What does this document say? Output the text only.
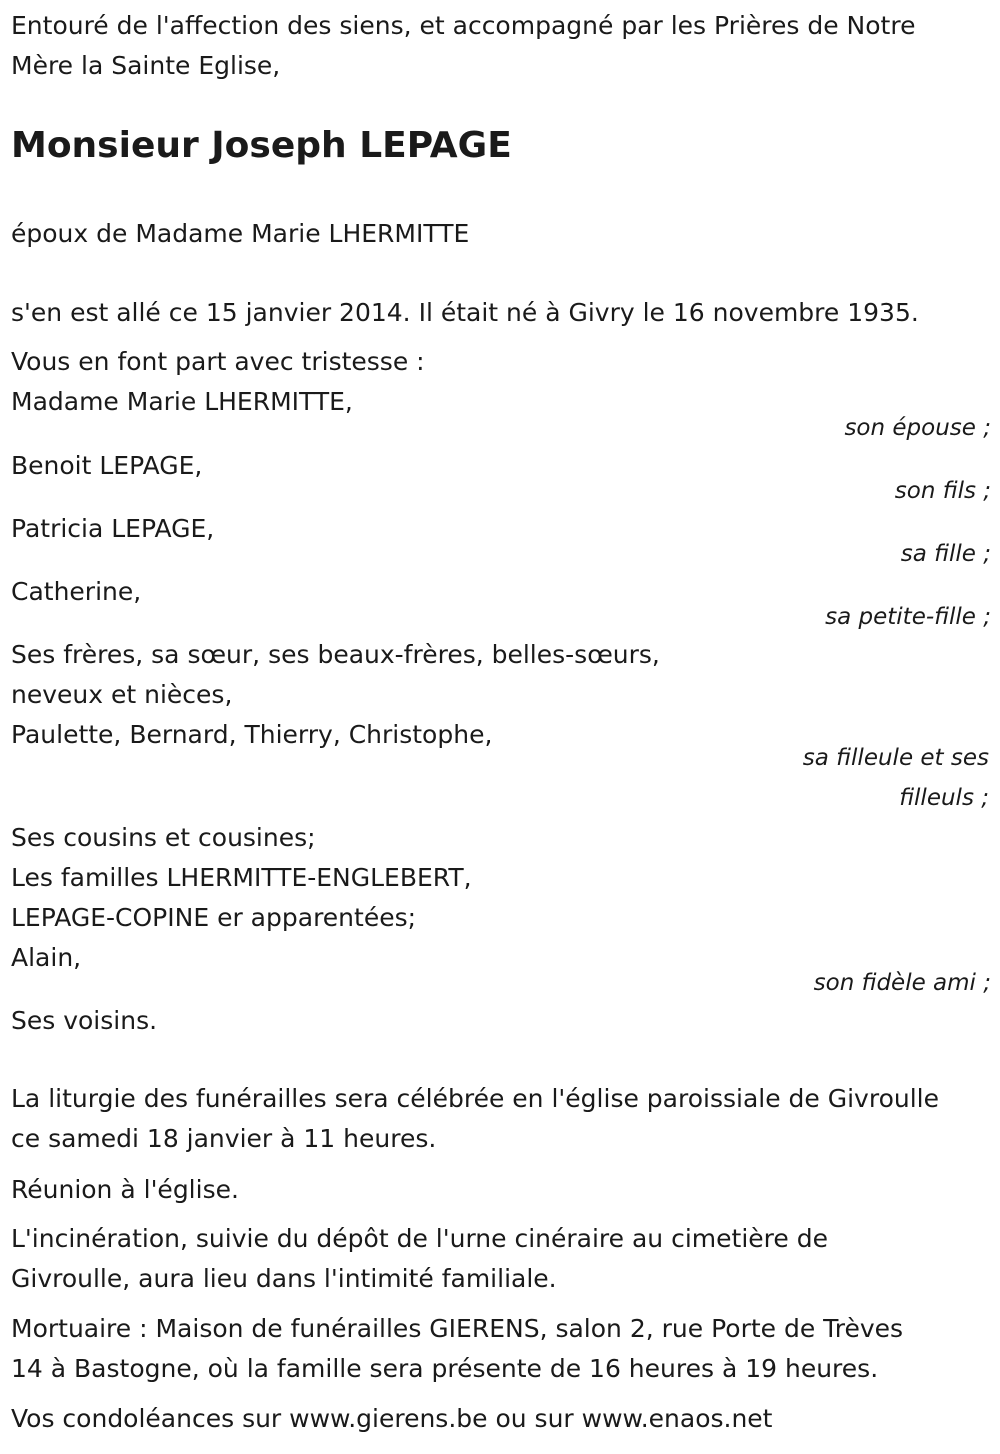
Entouré de l'affection des siens, et accompagné par les Prières de Notre

Mère la Sainte Eglise,

Monsieur Joseph LEPAGE

époux de Madame Marie LHERMITTE

s'en est allé ce 15 janvier 2014. Il était né à Givry le 16 novembre 1935.

Vous en font part avec tristesse :

Madame Marie LHERMITTE,

son épouse ;

Benoit LEPAGE,

son fils ;

Patricia LEPAGE,

sa fille ;

Catherine,

sa petite-fille ;

Ses frères, sa sœur, ses beaux-frères, belles-sœurs,

neveux et nièces,

Paulette, Bernard, Thierry, Christophe,

sa filleule et ses

filleuls ;

Ses cousins et cousines;

Les familles LHERMITTE-ENGLEBERT,

LEPAGE-COPINE er apparentées;

Alain,

son fidèle ami ;

Ses voisins.

La liturgie des funérailles sera célébrée en l'église paroissiale de Givroulle

ce samedi 18 janvier à 11 heures.

Réunion à l'église.

L'incinération, suivie du dépôt de l'urne cinéraire au cimetière de

Givroulle, aura lieu dans l'intimité familiale.

Mortuaire : Maison de funérailles GIERENS, salon 2, rue Porte de Trèves

14 à Bastogne, où la famille sera présente de 16 heures à 19 heures.

Vos condoléances sur www.gierens.be ou sur www.enaos.net
